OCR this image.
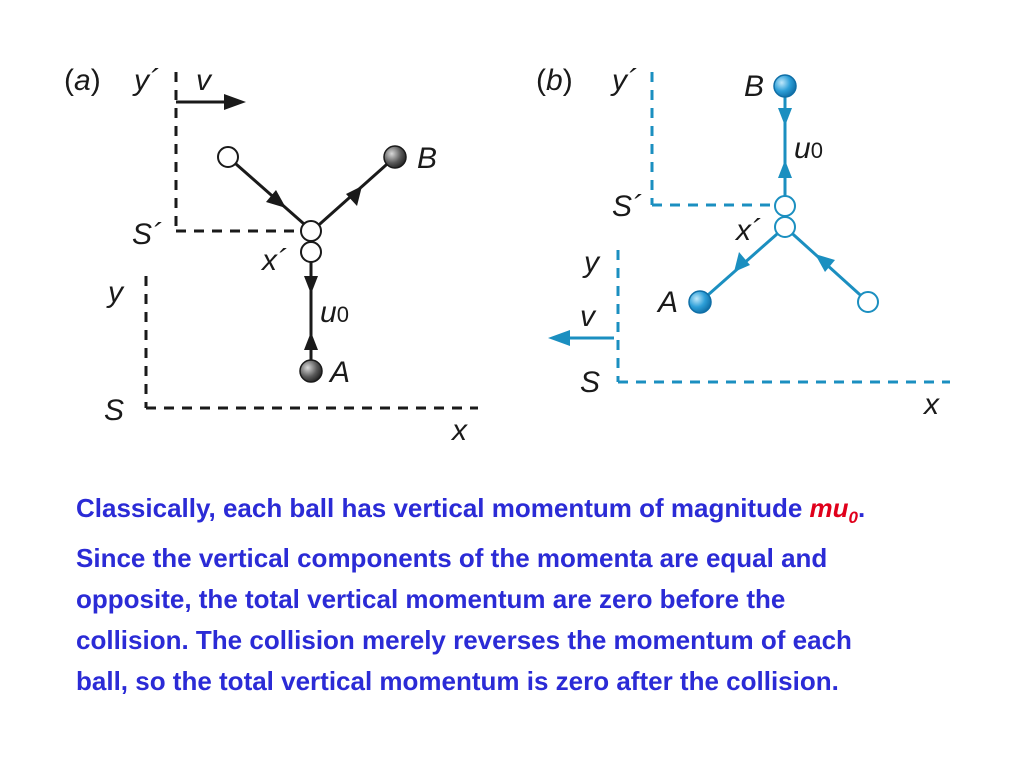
(a) y´
S´
v
y
S
x
B
x´
u0
A
(b) y´
S´
y
S
x
v
B
u0
x´
A
Classically, each ball has vertical momentum of magnitude $mu_0$.
Since the vertical components of the momenta are equal and
opposite, the total vertical momentum are zero before the
collision. The collision merely reverses the momentum of each
ball, so the total vertical momentum is zero after the collision.
